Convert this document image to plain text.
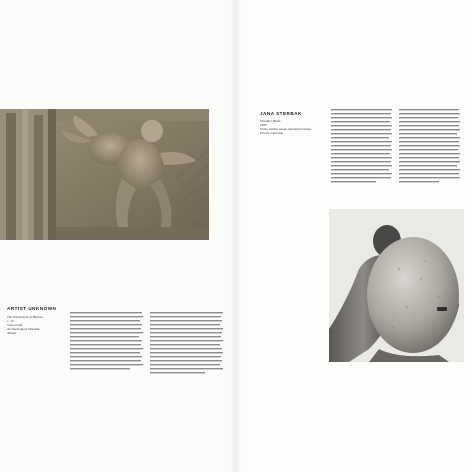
ARTIST UNKNOWN
The Punishment of Hephus
c. 10
Stone relief
Archaeological Museum
Athens
JANA STERBAK
Shoulder Blade
1998
Stone, leather straps and metal buckles
Private collection
